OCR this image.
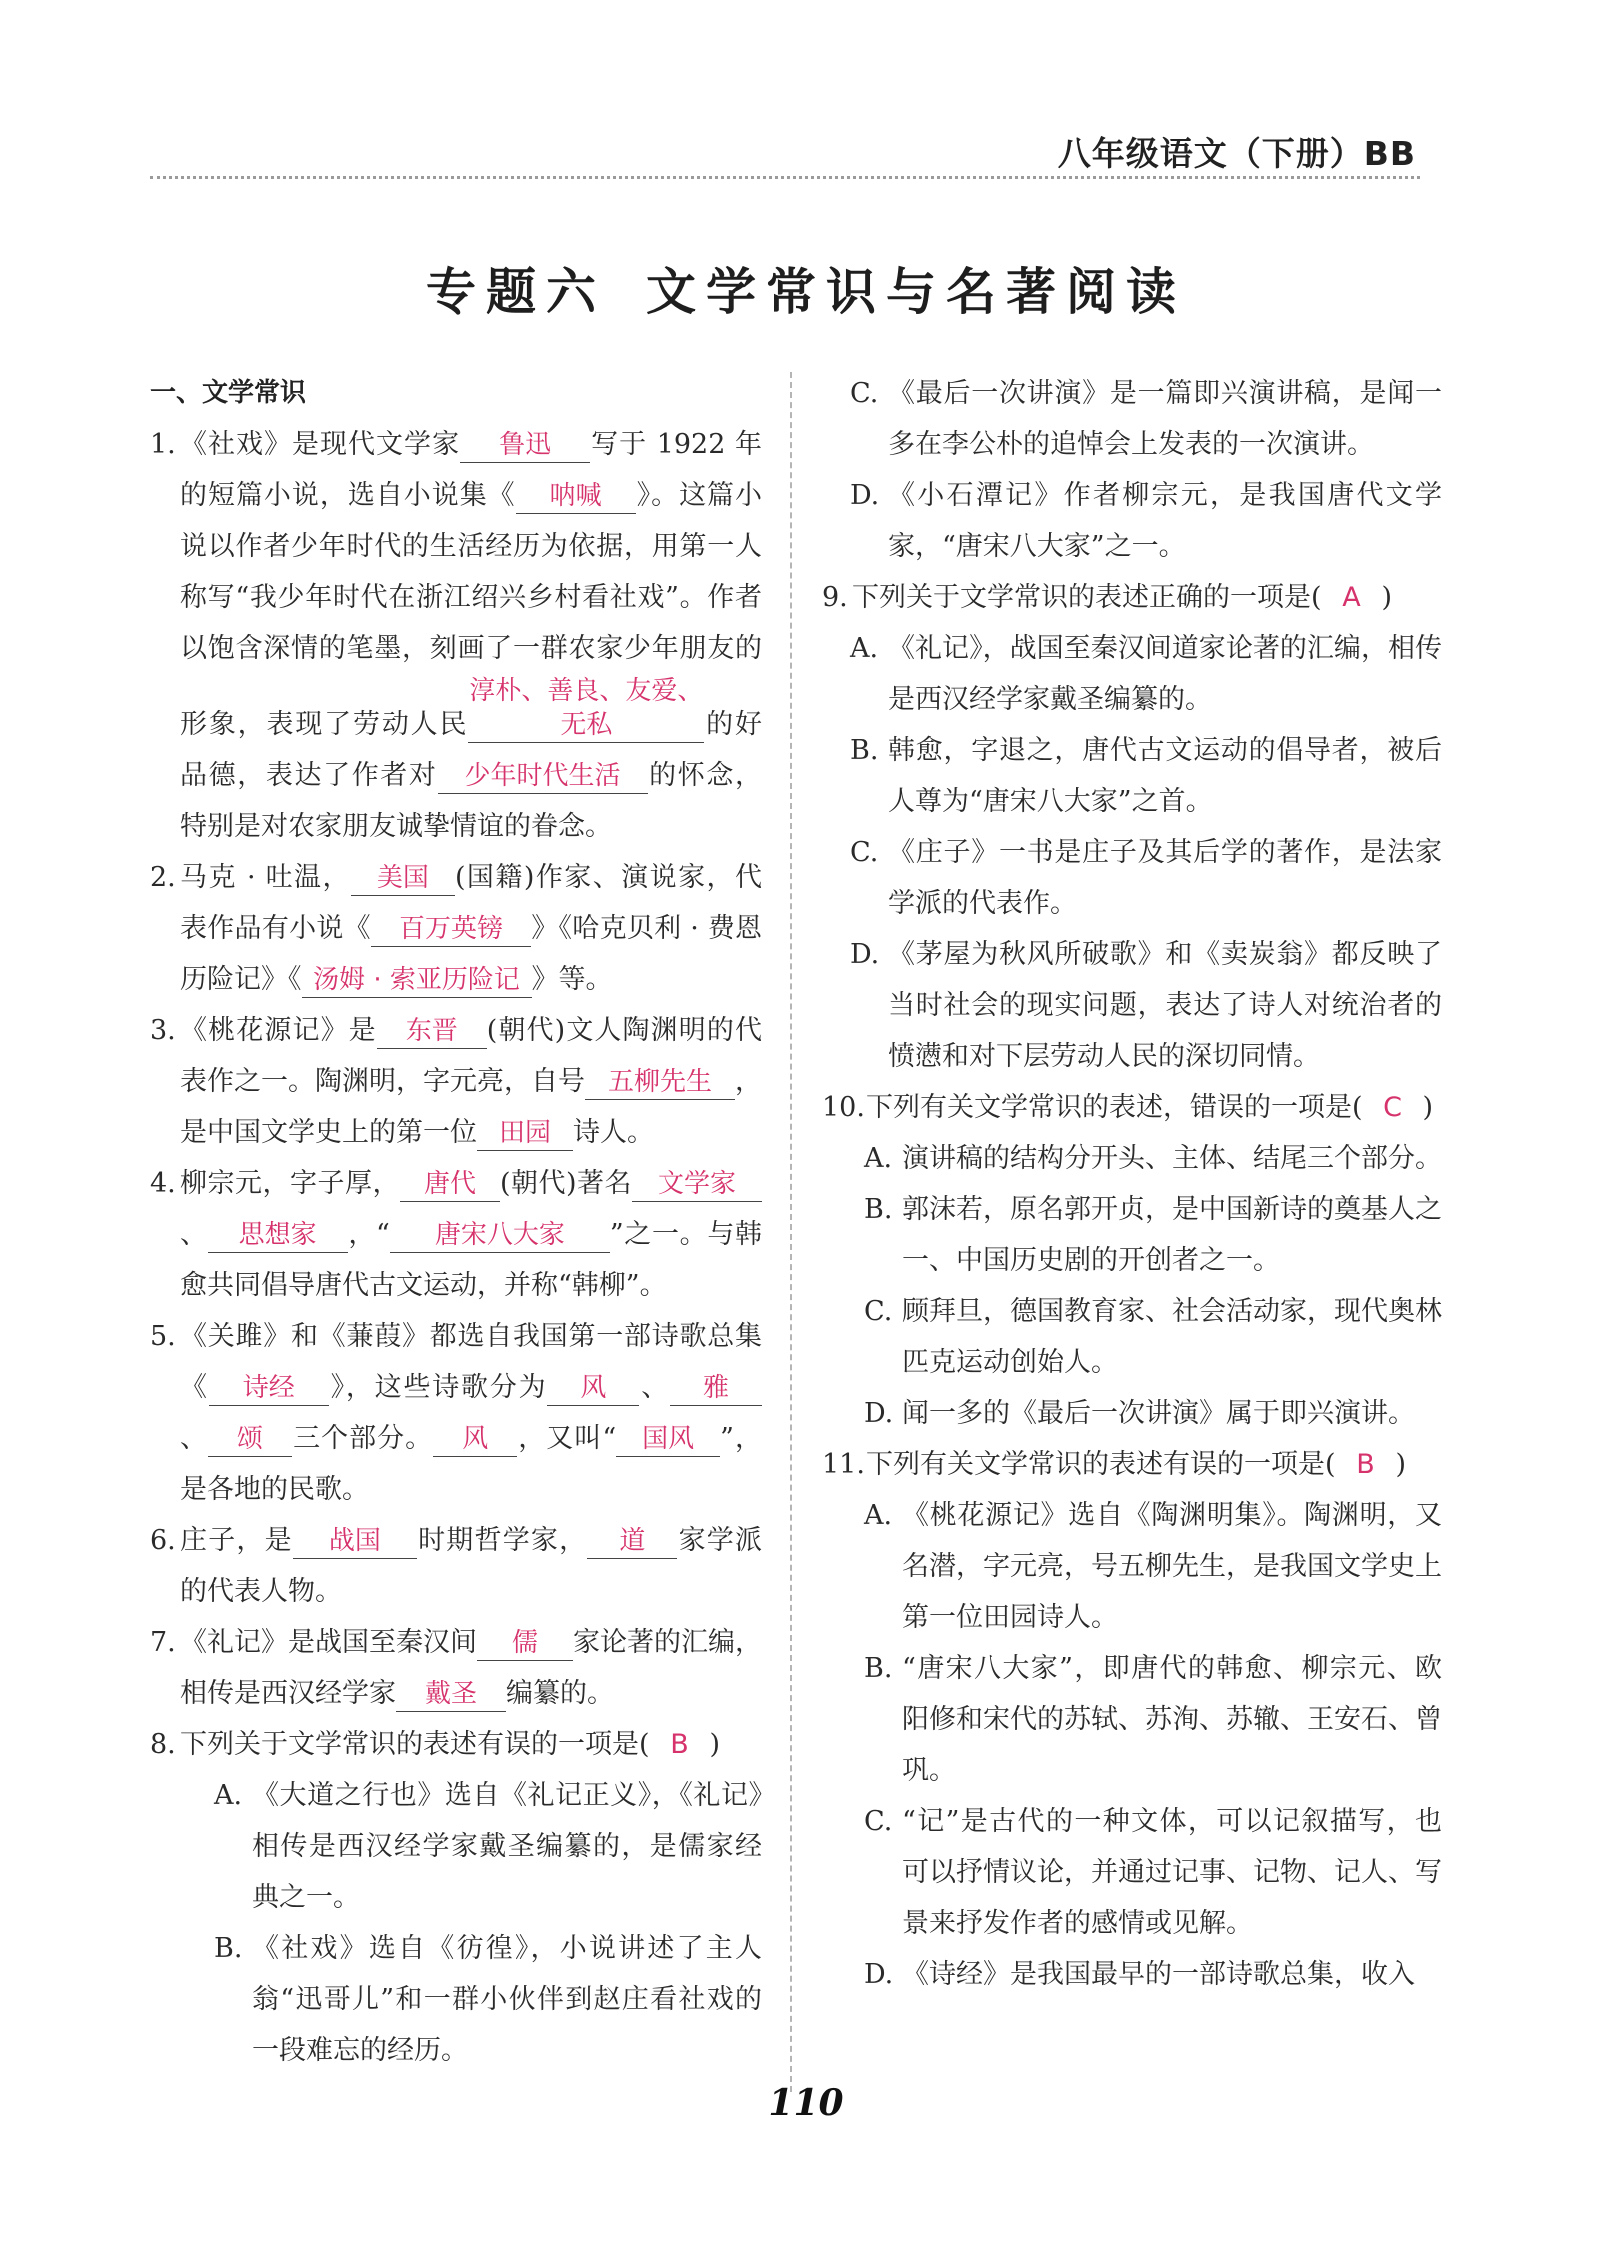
八年级语文（下册）BB
专题六 文学常识与名著阅读
一、文学常识
1. 《社戏》是现代文学家 鲁迅 写于 1922 年的短篇小说，选自小说集《 呐喊 》。这篇小说以作者少年时代的生活经历为依据，用第一人称写“我少年时代在浙江绍兴乡村看社戏”。作者以饱含深情的笔墨，刻画了一群农家少年朋友的形象，表现了劳动人民淳朴、善良、友爱、无私	的好品德，表达了作者对 少年时代生活 的怀念，特别是对农家朋友诚挚情谊的眷念。
2. 马克 · 吐温， 美国 (国籍)作家、演说家，代表作品有小说《 百万英镑 》《哈克贝利 · 费恩历险记》《 汤姆 · 索亚历险记 》等。
3. 《桃花源记》是 东晋 (朝代)文人陶渊明的代表作之一。陶渊明，字元亮，自号 五柳先生 ，是中国文学史上的第一位 田园 诗人。
4. 柳宗元，字子厚， 唐代 (朝代)著名 文学家、 思想家 ，“ 唐宋八大家 ”之一。与韩愈共同倡导唐代古文运动，并称“韩柳”。
5. 《关雎》和《蒹葭》都选自我国第一部诗歌总集《 诗经 》，这些诗歌分为 风 、 雅、 颂 三个部分。 风 ，又叫“ 国风 ”，是各地的民歌。
6. 庄子，是 战国 时期哲学家， 道 家学派的代表人物。
7. 《礼记》是战国至秦汉间 儒 家论著的汇编，相传是西汉经学家 戴圣 编纂的。
8. 下列关于文学常识的表述有误的一项是( B )
A. 《大道之行也》选自《礼记正义》，《礼记》相传是西汉经学家戴圣编纂的，是儒家经典之一。
B. 《社戏》选自《彷徨》，小说讲述了主人翁“迅哥儿”和一群小伙伴到赵庄看社戏的一段难忘的经历。
C. 《最后一次讲演》是一篇即兴演讲稿，是闻一多在李公朴的追悼会上发表的一次演讲。
D. 《小石潭记》作者柳宗元，是我国唐代文学家，“唐宋八大家”之一。
9. 下列关于文学常识的表述正确的一项是( A )
A. 《礼记》，战国至秦汉间道家论著的汇编，相传是西汉经学家戴圣编纂的。
B. 韩愈，字退之，唐代古文运动的倡导者，被后人尊为“唐宋八大家”之首。
C. 《庄子》一书是庄子及其后学的著作，是法家学派的代表作。
D. 《茅屋为秋风所破歌》和《卖炭翁》都反映了当时社会的现实问题，表达了诗人对统治者的愤懑和对下层劳动人民的深切同情。
10. 下列有关文学常识的表述，错误的一项是( C )
A. 演讲稿的结构分开头、主体、结尾三个部分。
B. 郭沫若，原名郭开贞，是中国新诗的奠基人之一、中国历史剧的开创者之一。
C. 顾拜旦，德国教育家、社会活动家，现代奥林匹克运动创始人。
D. 闻一多的《最后一次讲演》属于即兴演讲。
11. 下列有关文学常识的表述有误的一项是( B )
A. 《桃花源记》选自《陶渊明集》。陶渊明，又名潜，字元亮，号五柳先生，是我国文学史上第一位田园诗人。
B. “唐宋八大家”，即唐代的韩愈、柳宗元、欧阳修和宋代的苏轼、苏洵、苏辙、王安石、曾巩。
C. “记”是古代的一种文体，可以记叙描写，也可以抒情议论，并通过记事、记物、记人、写景来抒发作者的感情或见解。
D. 《诗经》是我国最早的一部诗歌总集，收入
110
